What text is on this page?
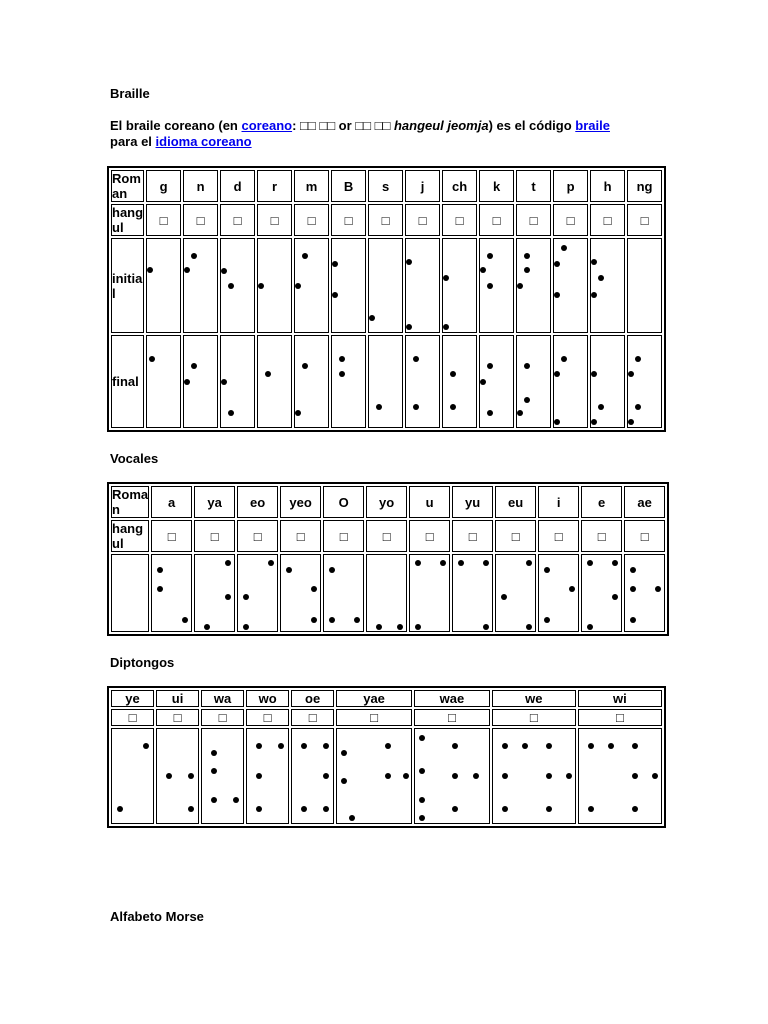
Braille
El braile coreano (en coreano: □□ □□ or □□ □□ hangeul jeomja) es el código braile
para el idioma coreano
Rom an	g	n	d	r	m	B	s	j	ch	k	t	p	h	ng
hang ul	□	□	□	□	□	□	□	□	□	□	□	□	□	□
initia l	

final	

Vocales
Roma n	a	ya	eo	yeo	O	yo	u	yu	eu	i	e	ae
hang ul	□	□	□	□	□	□	□	□	□	□	□	□

Diptongos
ye	ui	wa	wo	oe	yae	wae	we	wi
□	□	□	□	□	□	□	□	□

Alfabeto Morse
